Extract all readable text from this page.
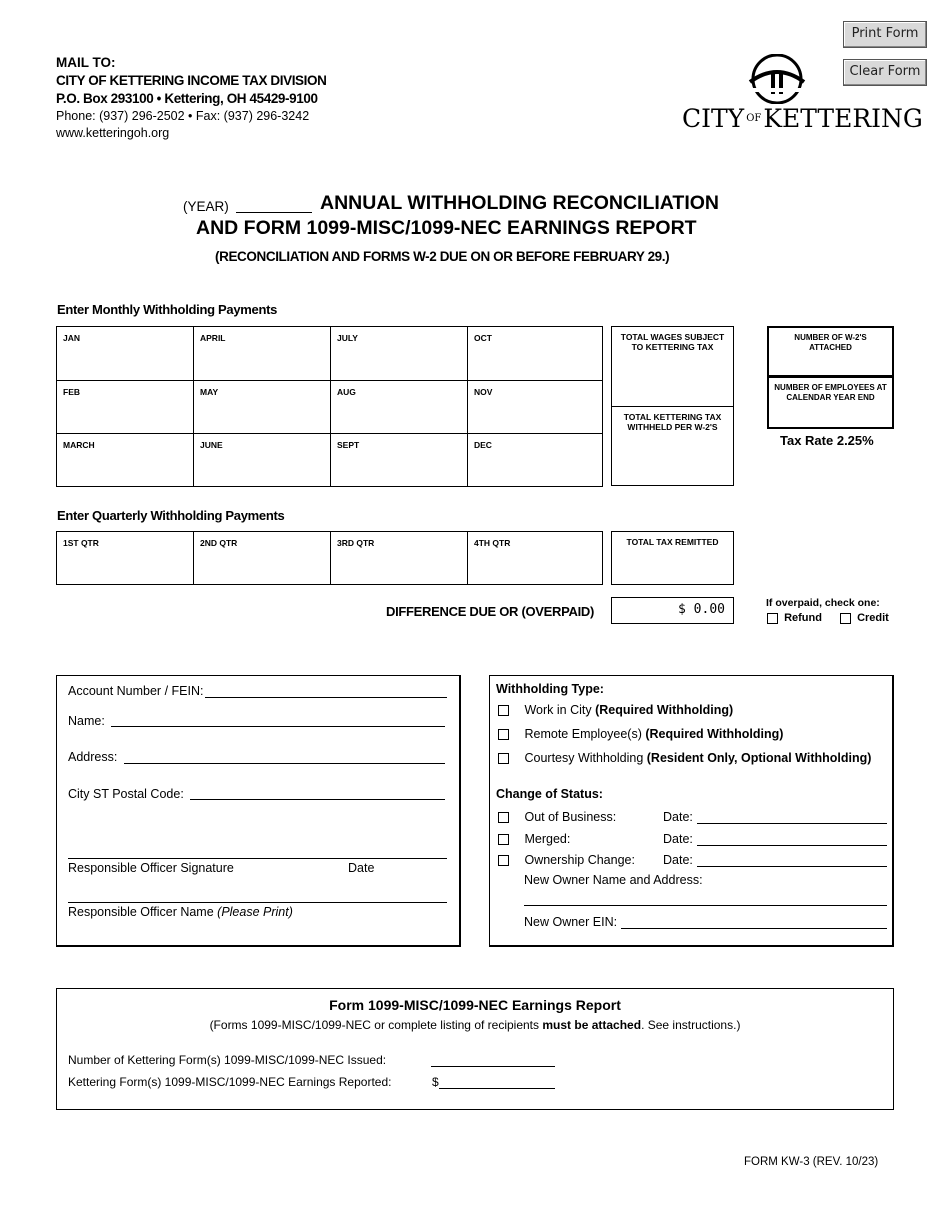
Print Form
Clear Form
MAIL TO:
CITY OF KETTERING INCOME TAX DIVISION
P.O. Box 293100 • Kettering, OH 45429-9100
Phone: (937) 296-2502 • Fax: (937) 296-3242
www.ketteringoh.org	CITY $^{OF}$KETTERING
(YEAR)	ANNUAL WITHHOLDING RECONCILIATION
AND FORM 1099-MISC/1099-NEC EARNINGS REPORT
(RECONCILIATION AND FORMS W-2 DUE ON OR BEFORE FEBRUARY 29.)
Enter Monthly Withholding Payments
JAN	APRIL	JULY	OCT
FEB	MAY	AUG	NOV
MARCH	JUNE	SEPT	DEC
TOTAL WAGES SUBJECT TO KETTERING TAX
TOTAL KETTERING TAX WITHHELD PER W-2'S
NUMBER OF W-2'S ATTACHED
NUMBER OF EMPLOYEES AT CALENDAR YEAR END
Tax Rate 2.25%
Enter Quarterly Withholding Payments
1ST QTR	2ND QTR	3RD QTR	4TH QTR	TOTAL TAX REMITTED
DIFFERENCE DUE OR (OVERPAID)	$ 0.00	If overpaid, check one:
Refund	Credit
Account Number / FEIN:
Name:
Address:
City ST Postal Code:
Responsible Officer Signature	Date
Responsible Officer Name (Please Print)
Withholding Type:
Work in City (Required Withholding)
Remote Employee(s) (Required Withholding)
Courtesy Withholding (Resident Only, Optional Withholding)
Change of Status:
Out of Business:	Date:
Merged:	Date:
Ownership Change: Date:
New Owner Name and Address:
New Owner EIN:
Form 1099-MISC/1099-NEC Earnings Report
(Forms 1099-MISC/1099-NEC or complete listing of recipients must be attached. See instructions.)
Number of Kettering Form(s) 1099-MISC/1099-NEC Issued:
Kettering Form(s) 1099-MISC/1099-NEC Earnings Reported:	$
FORM KW-3 (REV. 10/23)
